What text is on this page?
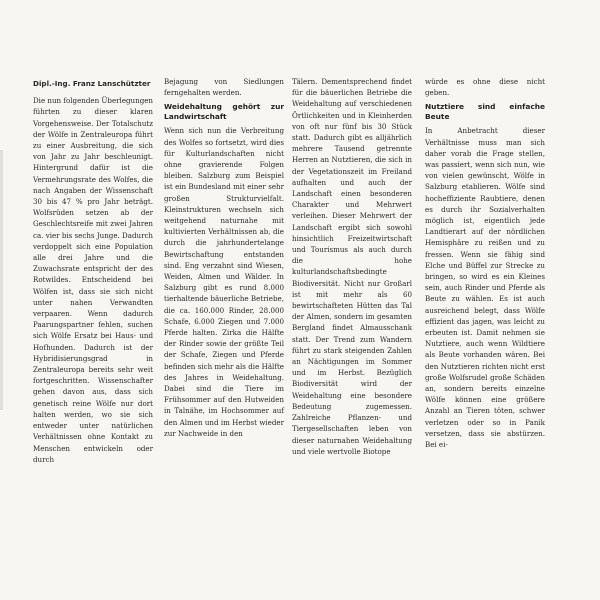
Dipl.-Ing. Franz Lanschützter

Die nun folgenden Überlegungen führten zu dieser klaren Vorgehensweise. Der Totalschutz der Wölfe in Zentraleuropa führt zu einer Ausbreitung, die sich von Jahr zu Jahr beschleunigt. Hintergrund dafür ist die Vermehrungsrate des Wolfes, die nach Angaben der Wissenschaft 30 bis 47 % pro Jahr beträgt. Wolfsrüden setzen ab der Geschlechtsreife mit zwei Jahren ca. vier bis sechs Junge. Dadurch verdoppelt sich eine Population alle drei Jahre und die Zuwachsrate entspricht der des Rotwildes. Entscheidend bei Wölfen ist, dass sie sich nicht unter nahen Verwandten verpaaren. Wenn dadurch Paarungspartner fehlen, suchen sich Wölfe Ersatz bei Haus- und Hofhunden. Dadurch ist der Hybridisierungsgrad in Zentraleuropa bereits sehr weit fortgeschritten. Wissenschafter gehen davon aus, dass sich genetisch reine Wölfe nur dort halten werden, wo sie sich entweder unter natürlichen Verhältnissen ohne Kontakt zu Menschen entwickeln oder durch

Bejagung von Siedlungen ferngehalten werden.

Weidehaltung gehört zur Landwirtschaft

Wenn sich nun die Verbreitung des Wolfes so fortsetzt, wird dies für Kulturlandschaften nicht ohne gravierende Folgen bleiben. Salzburg zum Beispiel ist ein Bundesland mit einer sehr großen Strukturvielfalt. Kleinstrukturen wechseln sich weitgehend naturnahe mit kultivierten Verhältnissen ab, die durch die jahrhundertelange Bewirtschaftung entstanden sind. Eng verzahnt sind Wiesen, Weiden, Almen und Wälder. In Salzburg gibt es rund 8.000 tierhaltende bäuerliche Betriebe, die ca. 160.000 Rinder, 28.000 Schafe, 6.000 Ziegen und 7.000 Pferde halten. Zirka die Hälfte der Rinder sowie der größte Teil der Schafe, Ziegen und Pferde befinden sich mehr als die Hälfte des Jahres in Weidehaltung. Dabei sind die Tiere im Frühsommer auf den Hutweiden in Talnähe, im Hochsommer auf den Almen und im Herbst wieder zur Nachweide in den

Tälern. Dementsprechend findet für die bäuerlichen Betriebe die Weidehaltung auf verschiedenen Örtlichkeiten und in Kleinherden von oft nur fünf bis 30 Stück statt. Dadurch gibt es alljährlich mehrere Tausend getrennte Herren an Nutztieren, die sich in der Vegetationszeit im Freiland aufhalten und auch der Landschaft einen besonderen Charakter und Mehrwert verleihen. Dieser Mehrwert der Landschaft ergibt sich sowohl hinsichtlich Freizeitwirtschaft und Tourismus als auch durch die hohe kulturlandschaftsbedingte Biodiversität. Nicht nur Großarl ist mit mehr als 60 bewirtschafteten Hütten das Tal der Almen, sondern im gesamten Bergland findet Almausschank statt. Der Trend zum Wandern führt zu stark steigenden Zahlen an Nächtigungen im Sommer und im Herbst. Bezüglich Biodiversität wird der Weidehaltung eine besondere Bedeutung zugemessen. Zahlreiche Pflanzen- und Tiergesellschaften leben von dieser naturnahen Weidehaltung und viele wertvolle Biotope

würde es ohne diese nicht geben.

Nutztiere sind einfache Beute

In Anbetracht dieser Verhältnisse muss man sich daher vorab die Frage stellen, was passiert, wenn sich nun, wie von vielen gewünscht, Wölfe in Salzburg etablieren. Wölfe sind hocheffiziente Raubtiere, denen es durch ihr Sozialverhalten möglich ist, eigentlich jede Landtierart auf der nördlichen Hemisphäre zu reißen und zu fressen. Wenn sie fähig sind Elche und Büffel zur Strecke zu bringen, so wird es ein Kleines sein, auch Rinder und Pferde als Beute zu wählen. Es ist auch ausreichend belegt, dass Wölfe effizient das jagen, was leicht zu erbeuten ist. Damit nehmen sie Nutztiere, auch wenn Wildtiere als Beute vorhanden wären. Bei den Nutztieren richten nicht erst große Wolfsrudel große Schäden an, sondern bereits einzelne Wölfe können eine größere Anzahl an Tieren töten, schwer verletzen oder so in Panik versetzen, dass sie abstürzen. Bei ei-
